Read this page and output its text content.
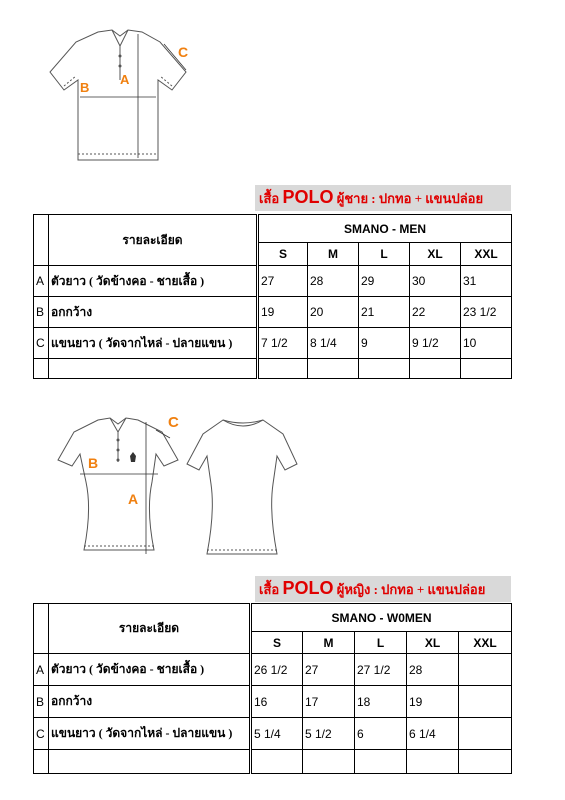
A
B
C
เสื้อ POLO ผู้ชาย : ปกทอ + แขนปล่อย
	รายละเอียด	SMANO - MEN				
		S	M	L	XL	XXL
A	ตัวยาว ( วัดข้างคอ - ชายเสื้อ )	27	28	29	30	31
B	อกกว้าง	19	20	21	22	23 1/2
C	แขนยาว ( วัดจากไหล่ - ปลายแขน )	7 1/2	8 1/4	9	9 1/2	10

A
B
C
เสื้อ POLO ผู้หญิง : ปกทอ + แขนปล่อย
	รายละเอียด	SMANO - W0MEN				
		S	M	L	XL	XXL
A	ตัวยาว ( วัดข้างคอ - ชายเสื้อ )	26 1/2	27	27 1/2	28	
B	อกกว้าง	16	17	18	19	
C	แขนยาว ( วัดจากไหล่ - ปลายแขน )	5 1/4	5 1/2	6	6 1/4	
